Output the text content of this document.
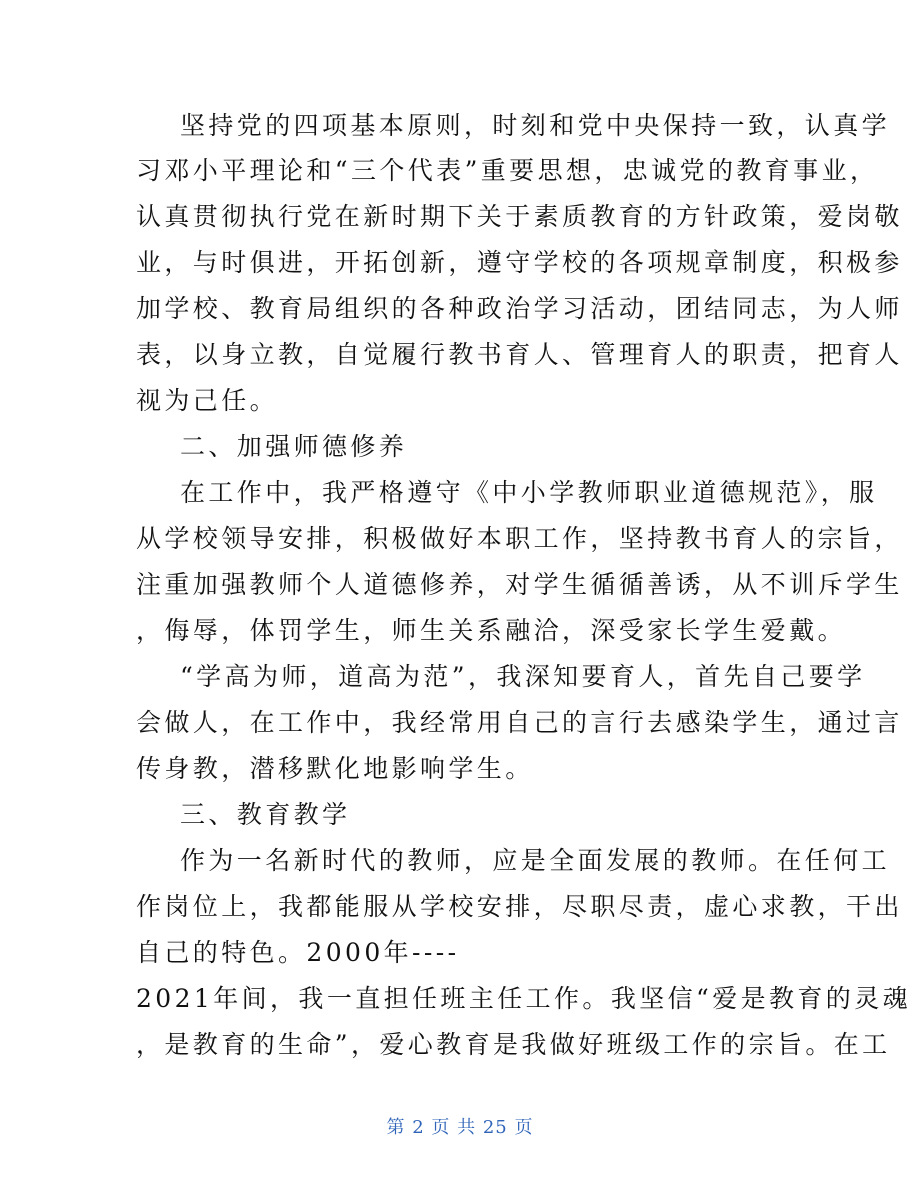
坚持党的四项基本原则，时刻和党中央保持一致，认真学
习邓小平理论和“三个代表”重要思想，忠诚党的教育事业，
认真贯彻执行党在新时期下关于素质教育的方针政策，爱岗敬
业，与时俱进，开拓创新，遵守学校的各项规章制度，积极参
加学校、教育局组织的各种政治学习活动，团结同志，为人师
表，以身立教，自觉履行教书育人、管理育人的职责，把育人
视为己任。
二、加强师德修养
在工作中，我严格遵守《中小学教师职业道德规范》，服
从学校领导安排，积极做好本职工作，坚持教书育人的宗旨，
注重加强教师个人道德修养，对学生循循善诱，从不训斥学生
，侮辱，体罚学生，师生关系融洽，深受家长学生爱戴。
“学高为师，道高为范”，我深知要育人，首先自己要学
会做人，在工作中，我经常用自己的言行去感染学生，通过言
传身教，潜移默化地影响学生。
三、教育教学
作为一名新时代的教师，应是全面发展的教师。在任何工
作岗位上，我都能服从学校安排，尽职尽责，虚心求教，干出
自己的特色。2000年----
2021年间，我一直担任班主任工作。我坚信“爱是教育的灵魂
，是教育的生命”，爱心教育是我做好班级工作的宗旨。在工
第 2 页 共 25 页
